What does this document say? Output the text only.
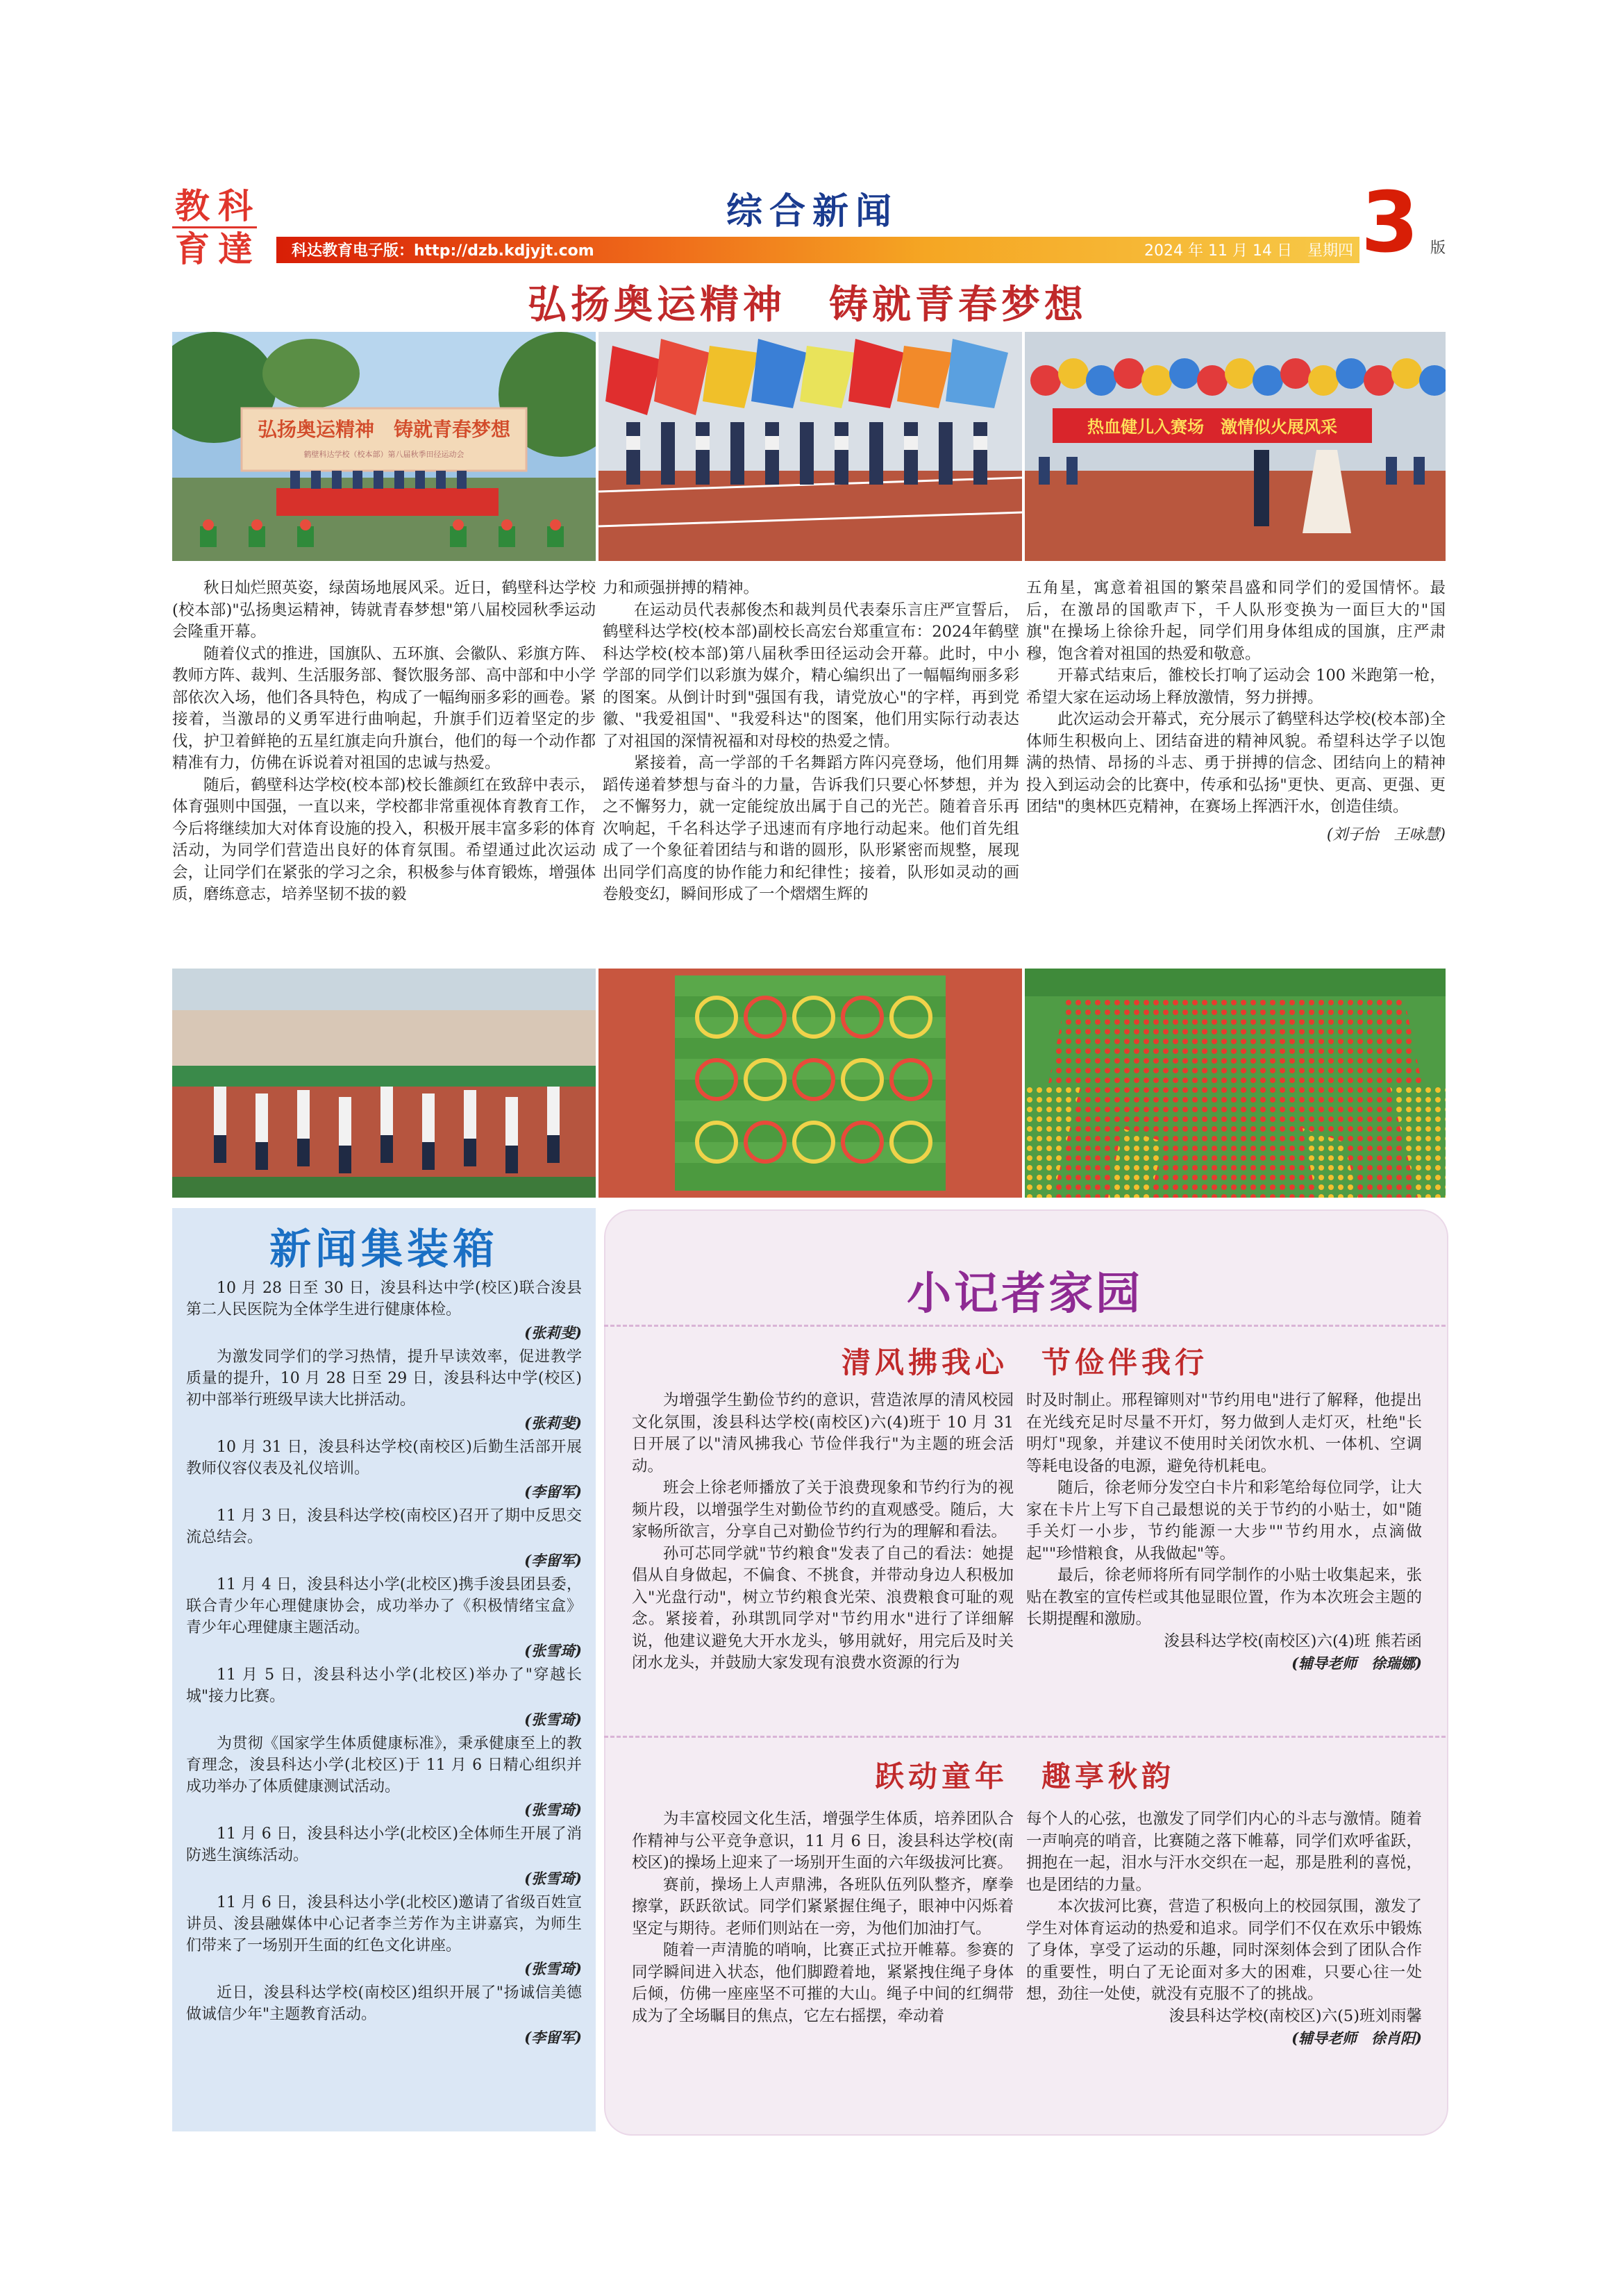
教 科
育 達
综合新闻
科达教育电子版：http://dzb.kdjyjt.com	2024 年 11 月 14 日　星期四 3 版
弘扬奥运精神　铸就青春梦想
弘扬奥运精神　铸就青春梦想
鹤壁科达学校（校本部）第八届秋季田径运动会
热血健儿入赛场　激情似火展风采

秋日灿烂照英姿，绿茵场地展风采。近日，鹤壁科达学校(校本部)"弘扬奥运精神，铸就青春梦想"第八届校园秋季运动会隆重开幕。

随着仪式的推进，国旗队、五环旗、会徽队、彩旗方阵、教师方阵、裁判、生活服务部、餐饮服务部、高中部和中小学部依次入场，他们各具特色，构成了一幅绚丽多彩的画卷。紧接着，当激昂的义勇军进行曲响起，升旗手们迈着坚定的步伐，护卫着鲜艳的五星红旗走向升旗台，他们的每一个动作都精准有力，仿佛在诉说着对祖国的忠诚与热爱。

随后，鹤壁科达学校(校本部)校长雒颜红在致辞中表示，体育强则中国强，一直以来，学校都非常重视体育教育工作，今后将继续加大对体育设施的投入，积极开展丰富多彩的体育活动，为同学们营造出良好的体育氛围。希望通过此次运动会，让同学们在紧张的学习之余，积极参与体育锻炼，增强体质，磨练意志，培养坚韧不拔的毅

力和顽强拼搏的精神。

在运动员代表郝俊杰和裁判员代表秦乐言庄严宣誓后，鹤壁科达学校(校本部)副校长高宏台郑重宣布：2024年鹤壁科达学校(校本部)第八届秋季田径运动会开幕。此时，中小学部的同学们以彩旗为媒介，精心编织出了一幅幅绚丽多彩的图案。从倒计时到"强国有我，请党放心"的字样，再到党徽、"我爱祖国"、"我爱科达"的图案，他们用实际行动表达了对祖国的深情祝福和对母校的热爱之情。

紧接着，高一学部的千名舞蹈方阵闪亮登场，他们用舞蹈传递着梦想与奋斗的力量，告诉我们只要心怀梦想，并为之不懈努力，就一定能绽放出属于自己的光芒。随着音乐再次响起，千名科达学子迅速而有序地行动起来。他们首先组成了一个象征着团结与和谐的圆形，队形紧密而规整，展现出同学们高度的协作能力和纪律性；接着，队形如灵动的画卷般变幻，瞬间形成了一个熠熠生辉的

五角星，寓意着祖国的繁荣昌盛和同学们的爱国情怀。最后，在激昂的国歌声下，千人队形变换为一面巨大的"国旗"在操场上徐徐升起，同学们用身体组成的国旗，庄严肃穆，饱含着对祖国的热爱和敬意。

开幕式结束后，雒校长打响了运动会 100 米跑第一枪，希望大家在运动场上释放激情，努力拼搏。

此次运动会开幕式，充分展示了鹤壁科达学校(校本部)全体师生积极向上、团结奋进的精神风貌。希望科达学子以饱满的热情、昂扬的斗志、勇于拼搏的信念、团结向上的精神投入到运动会的比赛中，传承和弘扬"更快、更高、更强、更团结"的奥林匹克精神，在赛场上挥洒汗水，创造佳绩。

(刘子怡　王咏慧)
新闻集装箱

10 月 28 日至 30 日，浚县科达中学(校区)联合浚县第二人民医院为全体学生进行健康体检。

(张莉斐)

为激发同学们的学习热情，提升早读效率，促进教学质量的提升，10 月 28 日至 29 日，浚县科达中学(校区)初中部举行班级早读大比拼活动。

(张莉斐)

10 月 31 日，浚县科达学校(南校区)后勤生活部开展教师仪容仪表及礼仪培训。

(李留军)

11 月 3 日，浚县科达学校(南校区)召开了期中反思交流总结会。

(李留军)

11 月 4 日，浚县科达小学(北校区)携手浚县团县委，联合青少年心理健康协会，成功举办了《积极情绪宝盒》青少年心理健康主题活动。

(张雪琦)

11 月 5 日，浚县科达小学(北校区)举办了"穿越长城"接力比赛。

(张雪琦)

为贯彻《国家学生体质健康标准》，秉承健康至上的教育理念，浚县科达小学(北校区)于 11 月 6 日精心组织并成功举办了体质健康测试活动。

(张雪琦)

11 月 6 日，浚县科达小学(北校区)全体师生开展了消防逃生演练活动。

(张雪琦)

11 月 6 日，浚县科达小学(北校区)邀请了省级百姓宣讲员、浚县融媒体中心记者李兰芳作为主讲嘉宾，为师生们带来了一场别开生面的红色文化讲座。

(张雪琦)

近日，浚县科达学校(南校区)组织开展了"扬诚信美德 做诚信少年"主题教育活动。

(李留军)
小记者家园
清风拂我心　节俭伴我行

为增强学生勤俭节约的意识，营造浓厚的清风校园文化氛围，浚县科达学校(南校区)六(4)班于 10 月 31 日开展了以"清风拂我心 节俭伴我行"为主题的班会活动。

班会上徐老师播放了关于浪费现象和节约行为的视频片段，以增强学生对勤俭节约的直观感受。随后，大家畅所欲言，分享自己对勤俭节约行为的理解和看法。

孙可芯同学就"节约粮食"发表了自己的看法：她提倡从自身做起，不偏食、不挑食，并带动身边人积极加入"光盘行动"，树立节约粮食光荣、浪费粮食可耻的观念。紧接着，孙琪凯同学对"节约用水"进行了详细解说，他建议避免大开水龙头，够用就好，用完后及时关闭水龙头，并鼓励大家发现有浪费水资源的行为

时及时制止。邢程镩则对"节约用电"进行了解释，他提出在光线充足时尽量不开灯，努力做到人走灯灭，杜绝"长明灯"现象，并建议不使用时关闭饮水机、一体机、空调等耗电设备的电源，避免待机耗电。

随后，徐老师分发空白卡片和彩笔给每位同学，让大家在卡片上写下自己最想说的关于节约的小贴士，如"随手关灯一小步，节约能源一大步""节约用水，点滴做起""珍惜粮食，从我做起"等。

最后，徐老师将所有同学制作的小贴士收集起来，张贴在教室的宣传栏或其他显眼位置，作为本次班会主题的长期提醒和激励。

浚县科达学校(南校区)六(4)班 熊若函
(辅导老师　徐瑞娜)
跃动童年　趣享秋韵

为丰富校园文化生活，增强学生体质，培养团队合作精神与公平竞争意识，11 月 6 日，浚县科达学校(南校区)的操场上迎来了一场别开生面的六年级拔河比赛。

赛前，操场上人声鼎沸，各班队伍列队整齐，摩拳擦掌，跃跃欲试。同学们紧紧握住绳子，眼神中闪烁着坚定与期待。老师们则站在一旁，为他们加油打气。

随着一声清脆的哨响，比赛正式拉开帷幕。参赛的同学瞬间进入状态，他们脚蹬着地，紧紧拽住绳子身体后倾，仿佛一座座坚不可摧的大山。绳子中间的红绸带成为了全场瞩目的焦点，它左右摇摆，牵动着

每个人的心弦，也激发了同学们内心的斗志与激情。随着一声响亮的哨音，比赛随之落下帷幕，同学们欢呼雀跃，拥抱在一起，泪水与汗水交织在一起，那是胜利的喜悦，也是团结的力量。

本次拔河比赛，营造了积极向上的校园氛围，激发了学生对体育运动的热爱和追求。同学们不仅在欢乐中锻炼了身体，享受了运动的乐趣，同时深刻体会到了团队合作的重要性，明白了无论面对多大的困难，只要心往一处想，劲往一处使，就没有克服不了的挑战。

浚县科达学校(南校区)六(5)班刘雨馨
(辅导老师　徐肖阳)
